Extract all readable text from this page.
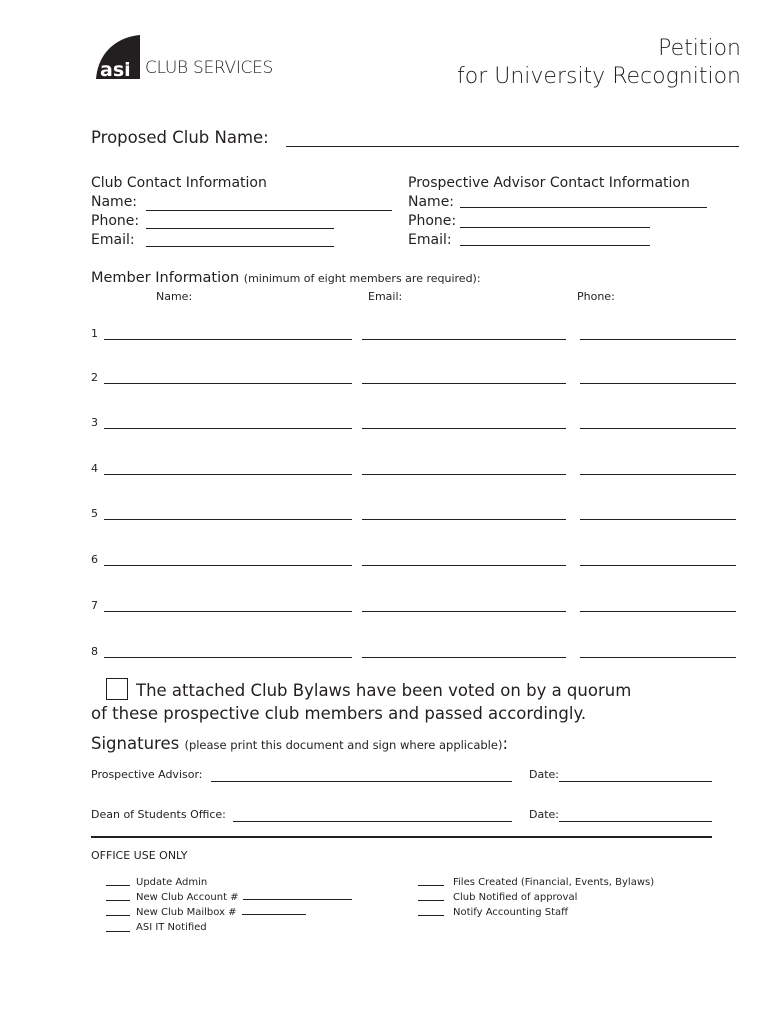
asi CLUB SERVICES
Petition
for University Recognition
Proposed Club Name:
Club Contact Information
Name:
Phone:
Email:
Prospective Advisor Contact Information
Name:
Phone:
Email:
Member Information (minimum of eight members are required):
Name:	Email:	Phone:
1
2
3
4
5
6
7
8
The attached Club Bylaws have been voted on by a quorum
of these prospective club members and passed accordingly.
Signatures (please print this document and sign where applicable):
Prospective Advisor:	Date:
Dean of Students Office:	Date:
OFFICE USE ONLY
Update Admin
New Club Account #
New Club Mailbox #
ASI IT Notified
Files Created (Financial, Events, Bylaws)
Club Notified of approval
Notify Accounting Staff
